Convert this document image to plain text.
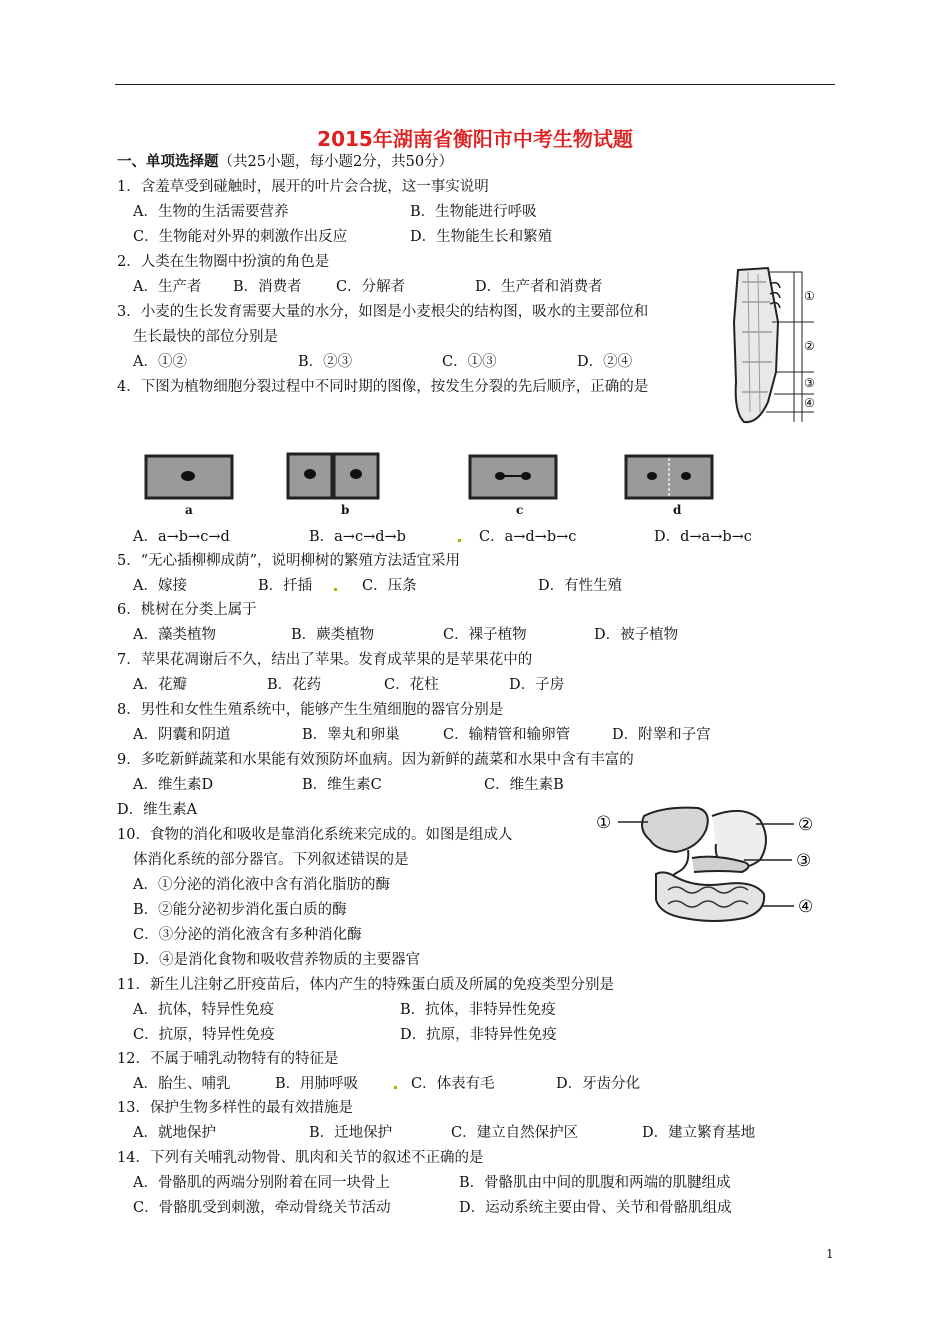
2015年湖南省衡阳市中考生物试题
一、单项选择题（共25小题，每小题2分，共50分）
1．含羞草受到碰触时，展开的叶片会合拢，这一事实说明
A．生物的生活需要营养	B．生物能进行呼吸
C．生物能对外界的刺激作出反应	D．生物能生长和繁殖
2．人类在生物圈中扮演的角色是
A．生产者 B．消费者 C．分解者	D．生产者和消费者
3．小麦的生长发育需要大量的水分，如图是小麦根尖的结构图，吸水的主要部位和
生长最快的部位分别是
A．①②	B．②③	C．①③	D．②④
①
②
③
④
4．下图为植物细胞分裂过程中不同时期的图像，按发生分裂的先后顺序，正确的是
a	b	c	d
A．a→b→c→d	B．a→c→d→b	C．a→d→b→c	D．d→a→b→c
5．“无心插柳柳成荫”，说明柳树的繁殖方法适宜采用
A．嫁接	B．扦插	C．压条	D．有性生殖
6．桃树在分类上属于
A．藻类植物	B．蕨类植物	C．裸子植物	D．被子植物
7．苹果花凋谢后不久，结出了苹果。发育成苹果的是苹果花中的
A．花瓣	B．花药	C．花柱	D．子房
8．男性和女性生殖系统中，能够产生生殖细胞的器官分别是
A．阴囊和阴道	B．睾丸和卵巢	C．输精管和输卵管	D．附睾和子宫
9．多吃新鲜蔬菜和水果能有效预防坏血病。因为新鲜的蔬菜和水果中含有丰富的
A．维生素D	B．维生素C	C．维生素B
D．维生素A
①	②
③
④
10．食物的消化和吸收是靠消化系统来完成的。如图是组成人
体消化系统的部分器官。下列叙述错误的是
A．①分泌的消化液中含有消化脂肪的酶
B．②能分泌初步消化蛋白质的酶
C．③分泌的消化液含有多种消化酶
D．④是消化食物和吸收营养物质的主要器官
11．新生儿注射乙肝疫苗后，体内产生的特殊蛋白质及所属的免疫类型分别是
A．抗体，特异性免疫	B．抗体，非特异性免疫
C．抗原，特异性免疫	D．抗原，非特异性免疫
12．不属于哺乳动物特有的特征是
A．胎生、哺乳	B．用肺呼吸	C．体表有毛	D．牙齿分化
13．保护生物多样性的最有效措施是
A．就地保护	B．迁地保护	C．建立自然保护区	D．建立繁育基地
14．下列有关哺乳动物骨、肌肉和关节的叙述不正确的是
A．骨骼肌的两端分别附着在同一块骨上	B．骨骼肌由中间的肌腹和两端的肌腱组成
C．骨骼肌受到刺激，牵动骨绕关节活动	D．运动系统主要由骨、关节和骨骼肌组成
1
